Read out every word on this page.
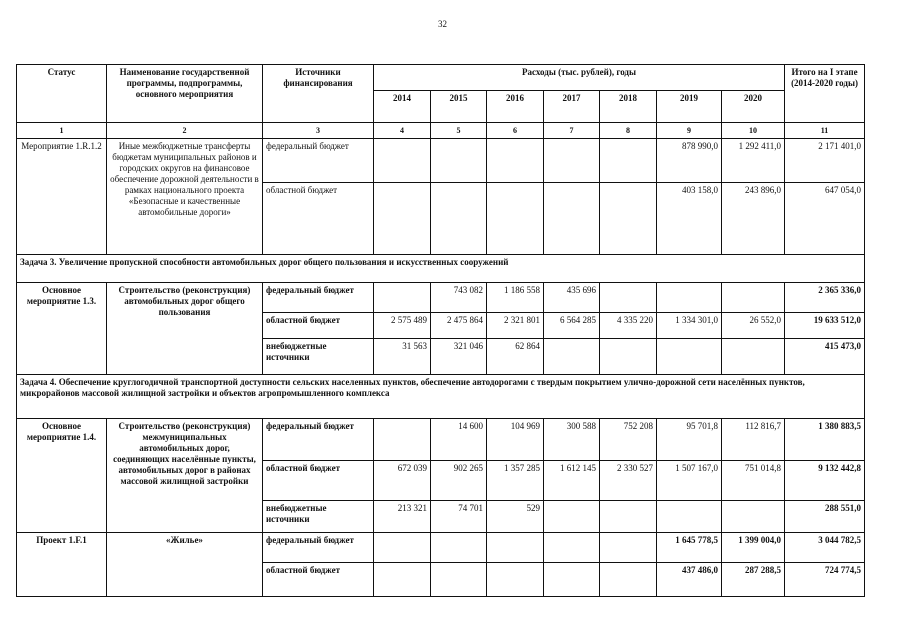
32
Статус	Наименование государственной программы, подпрограммы, основного мероприятия	Источники финансирования	Расходы (тыс. рублей), годы							Итого на I этапе (2014-2020 годы)
			2014	2015	2016	2017	2018	2019	2020	
1	2	3	4	5	6	7	8	9	10	11
Мероприятие 1.R.1.2	Иные межбюджетные трансферты бюджетам муниципальных районов и городских округов на финансовое обеспечение дорожной деятельности в рамках национального проекта «Безопасные и качественные автомобильные дороги»	федеральный бюджет						878 990,0	1 292 411,0	2 171 401,0
		областной бюджет						403 158,0	243 896,0	647 054,0
Задача 3. Увеличение пропускной способности автомобильных дорог общего пользования и искусственных сооружений										
Основное мероприятие 1.3.	Строительство (реконструкция) автомобильных дорог общего пользования	федеральный бюджет		743 082	1 186 558	435 696				2 365 336,0
		областной бюджет	2 575 489	2 475 864	2 321 801	6 564 285	4 335 220	1 334 301,0	26 552,0	19 633 512,0
		внебюджетные источники	31 563	321 046	62 864					415 473,0
Задача 4. Обеспечение круглогодичной транспортной доступности сельских населенных пунктов, обеспечение автодорогами с твердым покрытием улично-дорожной сети населённых пунктов, микрорайонов массовой жилищной застройки и объектов агропромышленного комплекса										
Основное мероприятие 1.4.	Строительство (реконструкция) межмуниципальных автомобильных дорог, соединяющих населённые пункты, автомобильных дорог в районах массовой жилищной застройки	федеральный бюджет		14 600	104 969	300 588	752 208	95 701,8	112 816,7	1 380 883,5
		областной бюджет	672 039	902 265	1 357 285	1 612 145	2 330 527	1 507 167,0	751 014,8	9 132 442,8
		внебюджетные источники	213 321	74 701	529					288 551,0
Проект 1.F.1	«Жилье»	федеральный бюджет						1 645 778,5	1 399 004,0	3 044 782,5
		областной бюджет						437 486,0	287 288,5	724 774,5
